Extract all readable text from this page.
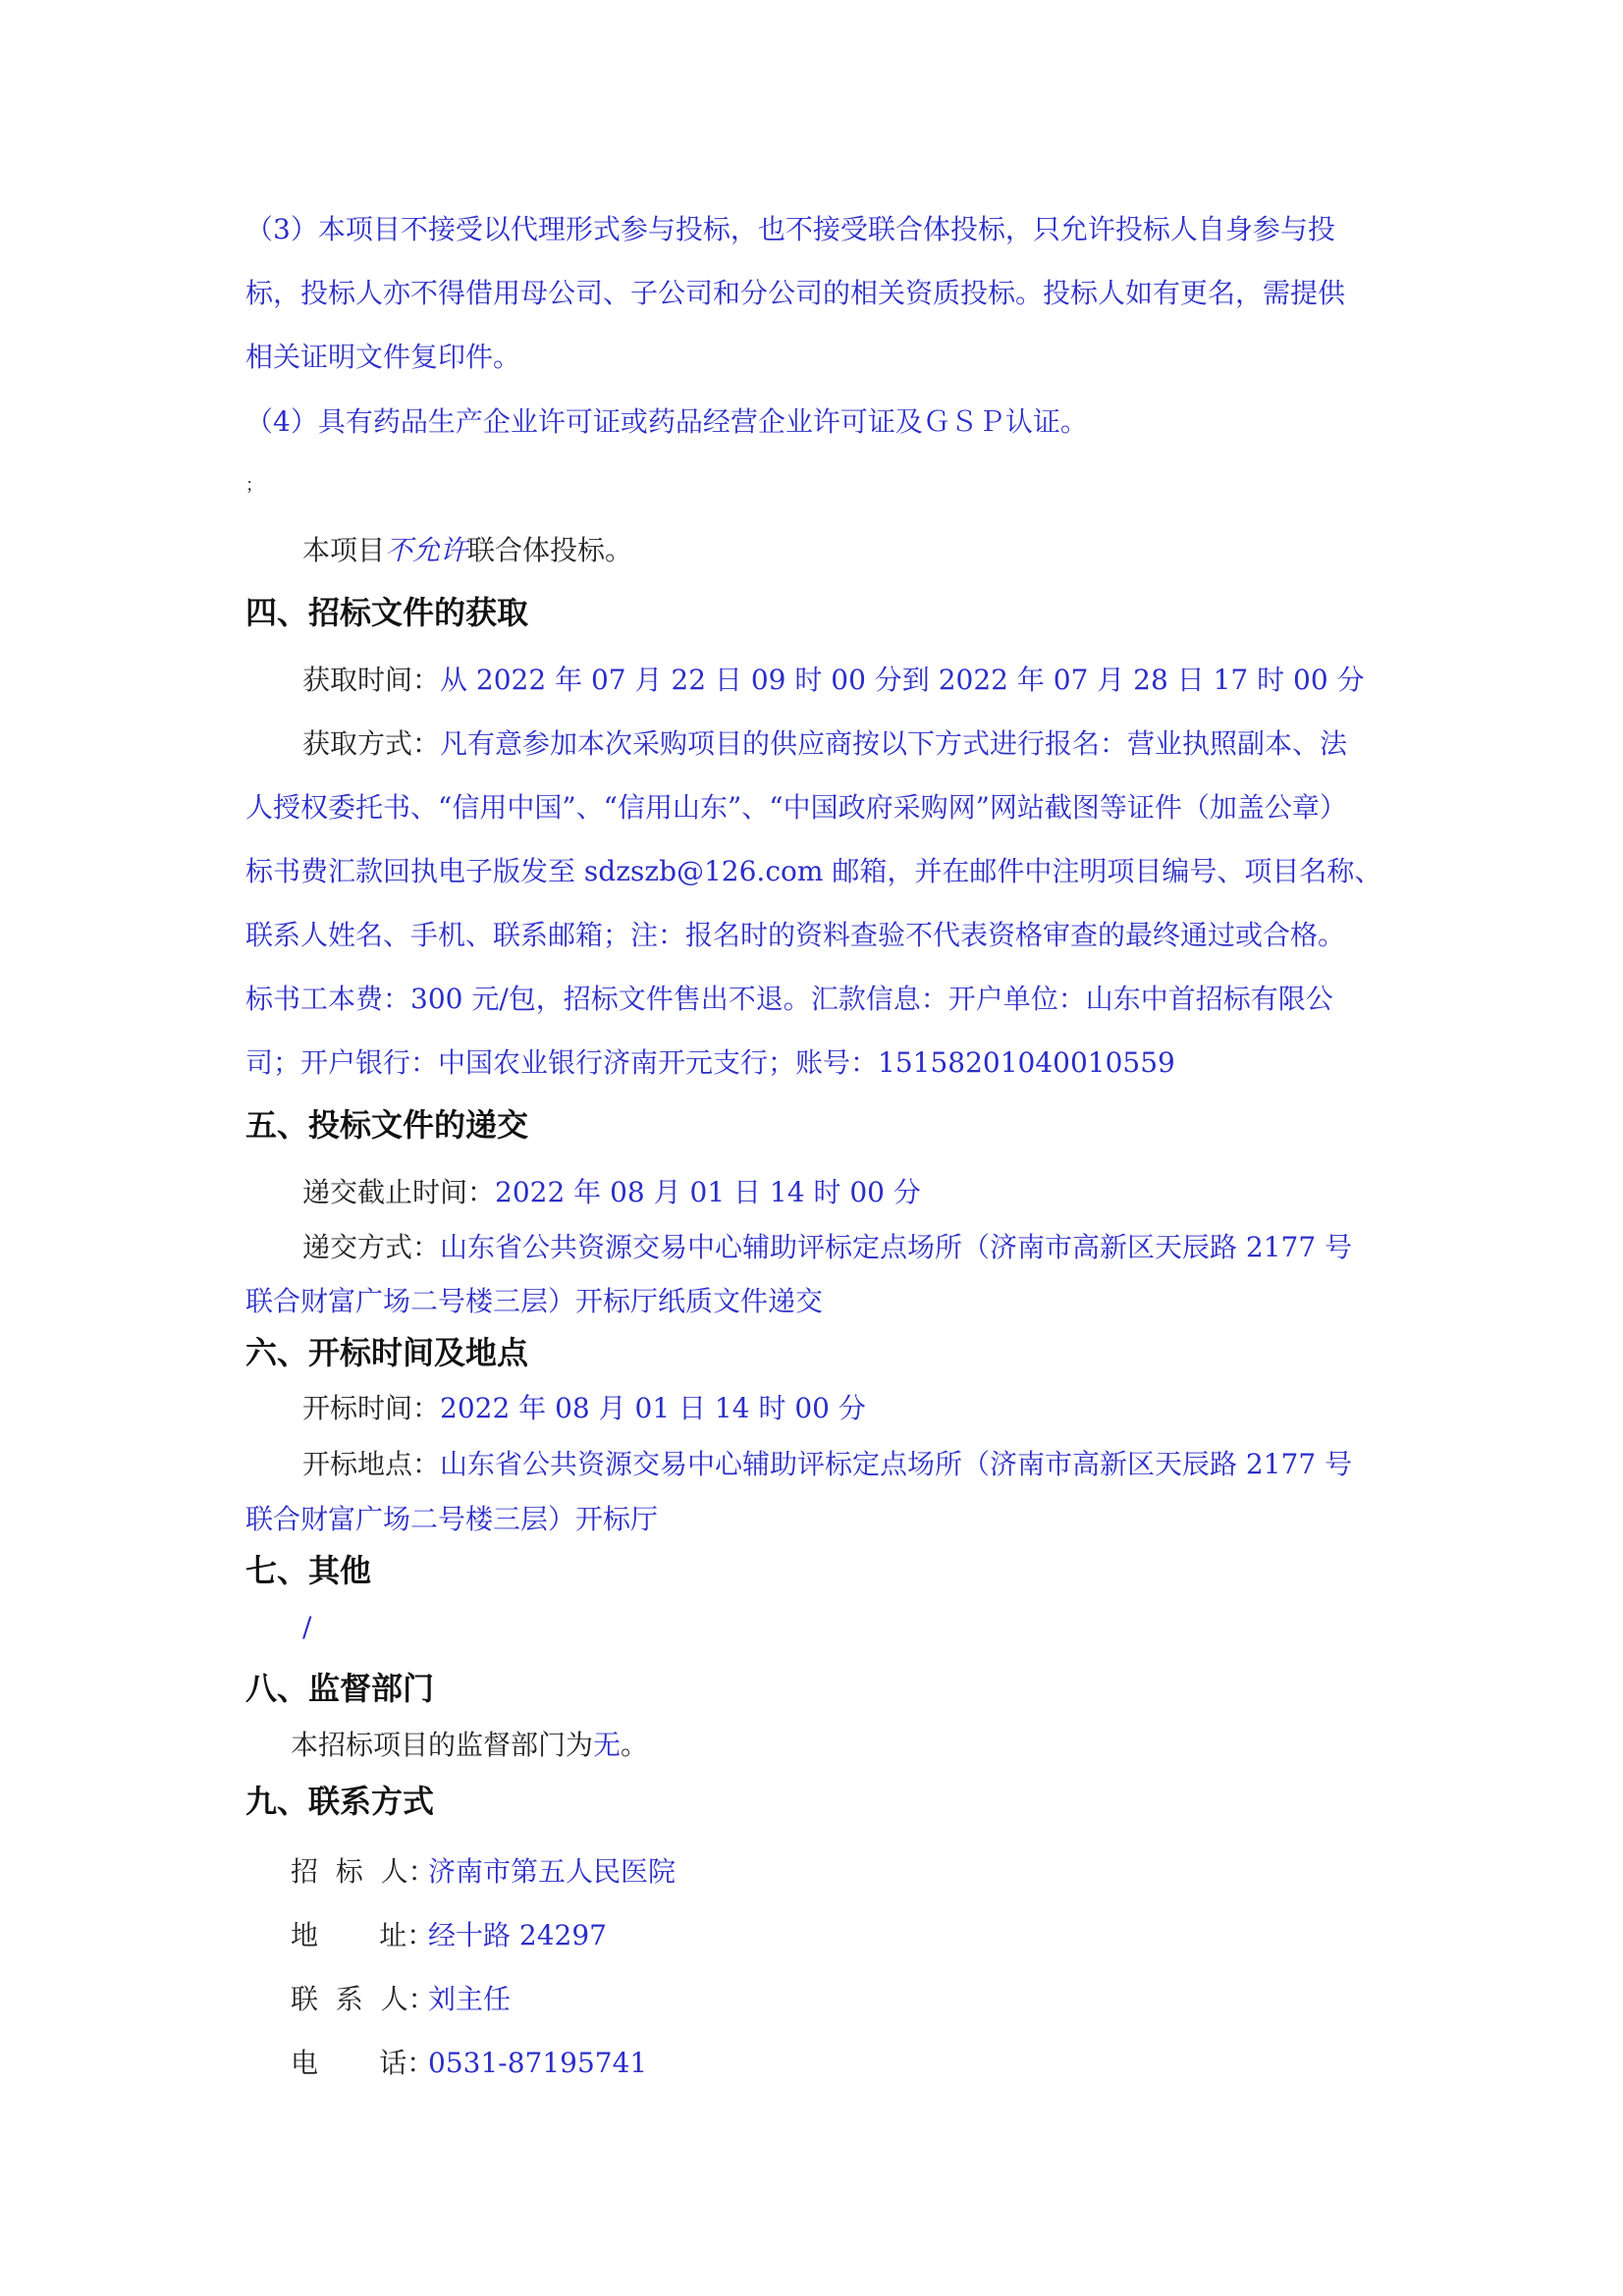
（3）本项目不接受以代理形式参与投标，也不接受联合体投标，只允许投标人自身参与投
标，投标人亦不得借用母公司、子公司和分公司的相关资质投标。投标人如有更名，需提供
相关证明文件复印件。
（4）具有药品生产企业许可证或药品经营企业许可证及ＧＳＰ认证。
；
本项目不允许联合体投标。
四、招标文件的获取
获取时间：从 2022 年 07 月 22 日 09 时 00 分到 2022 年 07 月 28 日 17 时 00 分
获取方式：凡有意参加本次采购项目的供应商按以下方式进行报名：营业执照副本、法
人授权委托书、“信用中国”、“信用山东”、“中国政府采购网”网站截图等证件（加盖公章）
标书费汇款回执电子版发至 sdzszb@126.com 邮箱，并在邮件中注明项目编号、项目名称、
联系人姓名、手机、联系邮箱；注：报名时的资料查验不代表资格审查的最终通过或合格。
标书工本费：300 元/包，招标文件售出不退。汇款信息：开户单位：山东中首招标有限公
司；开户银行：中国农业银行济南开元支行；账号：15158201040010559
五、投标文件的递交
递交截止时间：2022 年 08 月 01 日 14 时 00 分
递交方式：山东省公共资源交易中心辅助评标定点场所（济南市高新区天辰路 2177 号
联合财富广场二号楼三层）开标厅纸质文件递交
六、开标时间及地点
开标时间：2022 年 08 月 01 日 14 时 00 分
开标地点：山东省公共资源交易中心辅助评标定点场所（济南市高新区天辰路 2177 号
联合财富广场二号楼三层）开标厅
七、其他
/
八、监督部门
本招标项目的监督部门为无。
九、联系方式
招  标  人：济南市第五人民医院
地       址：经十路 24297
联  系  人：刘主任
电       话：0531-87195741
